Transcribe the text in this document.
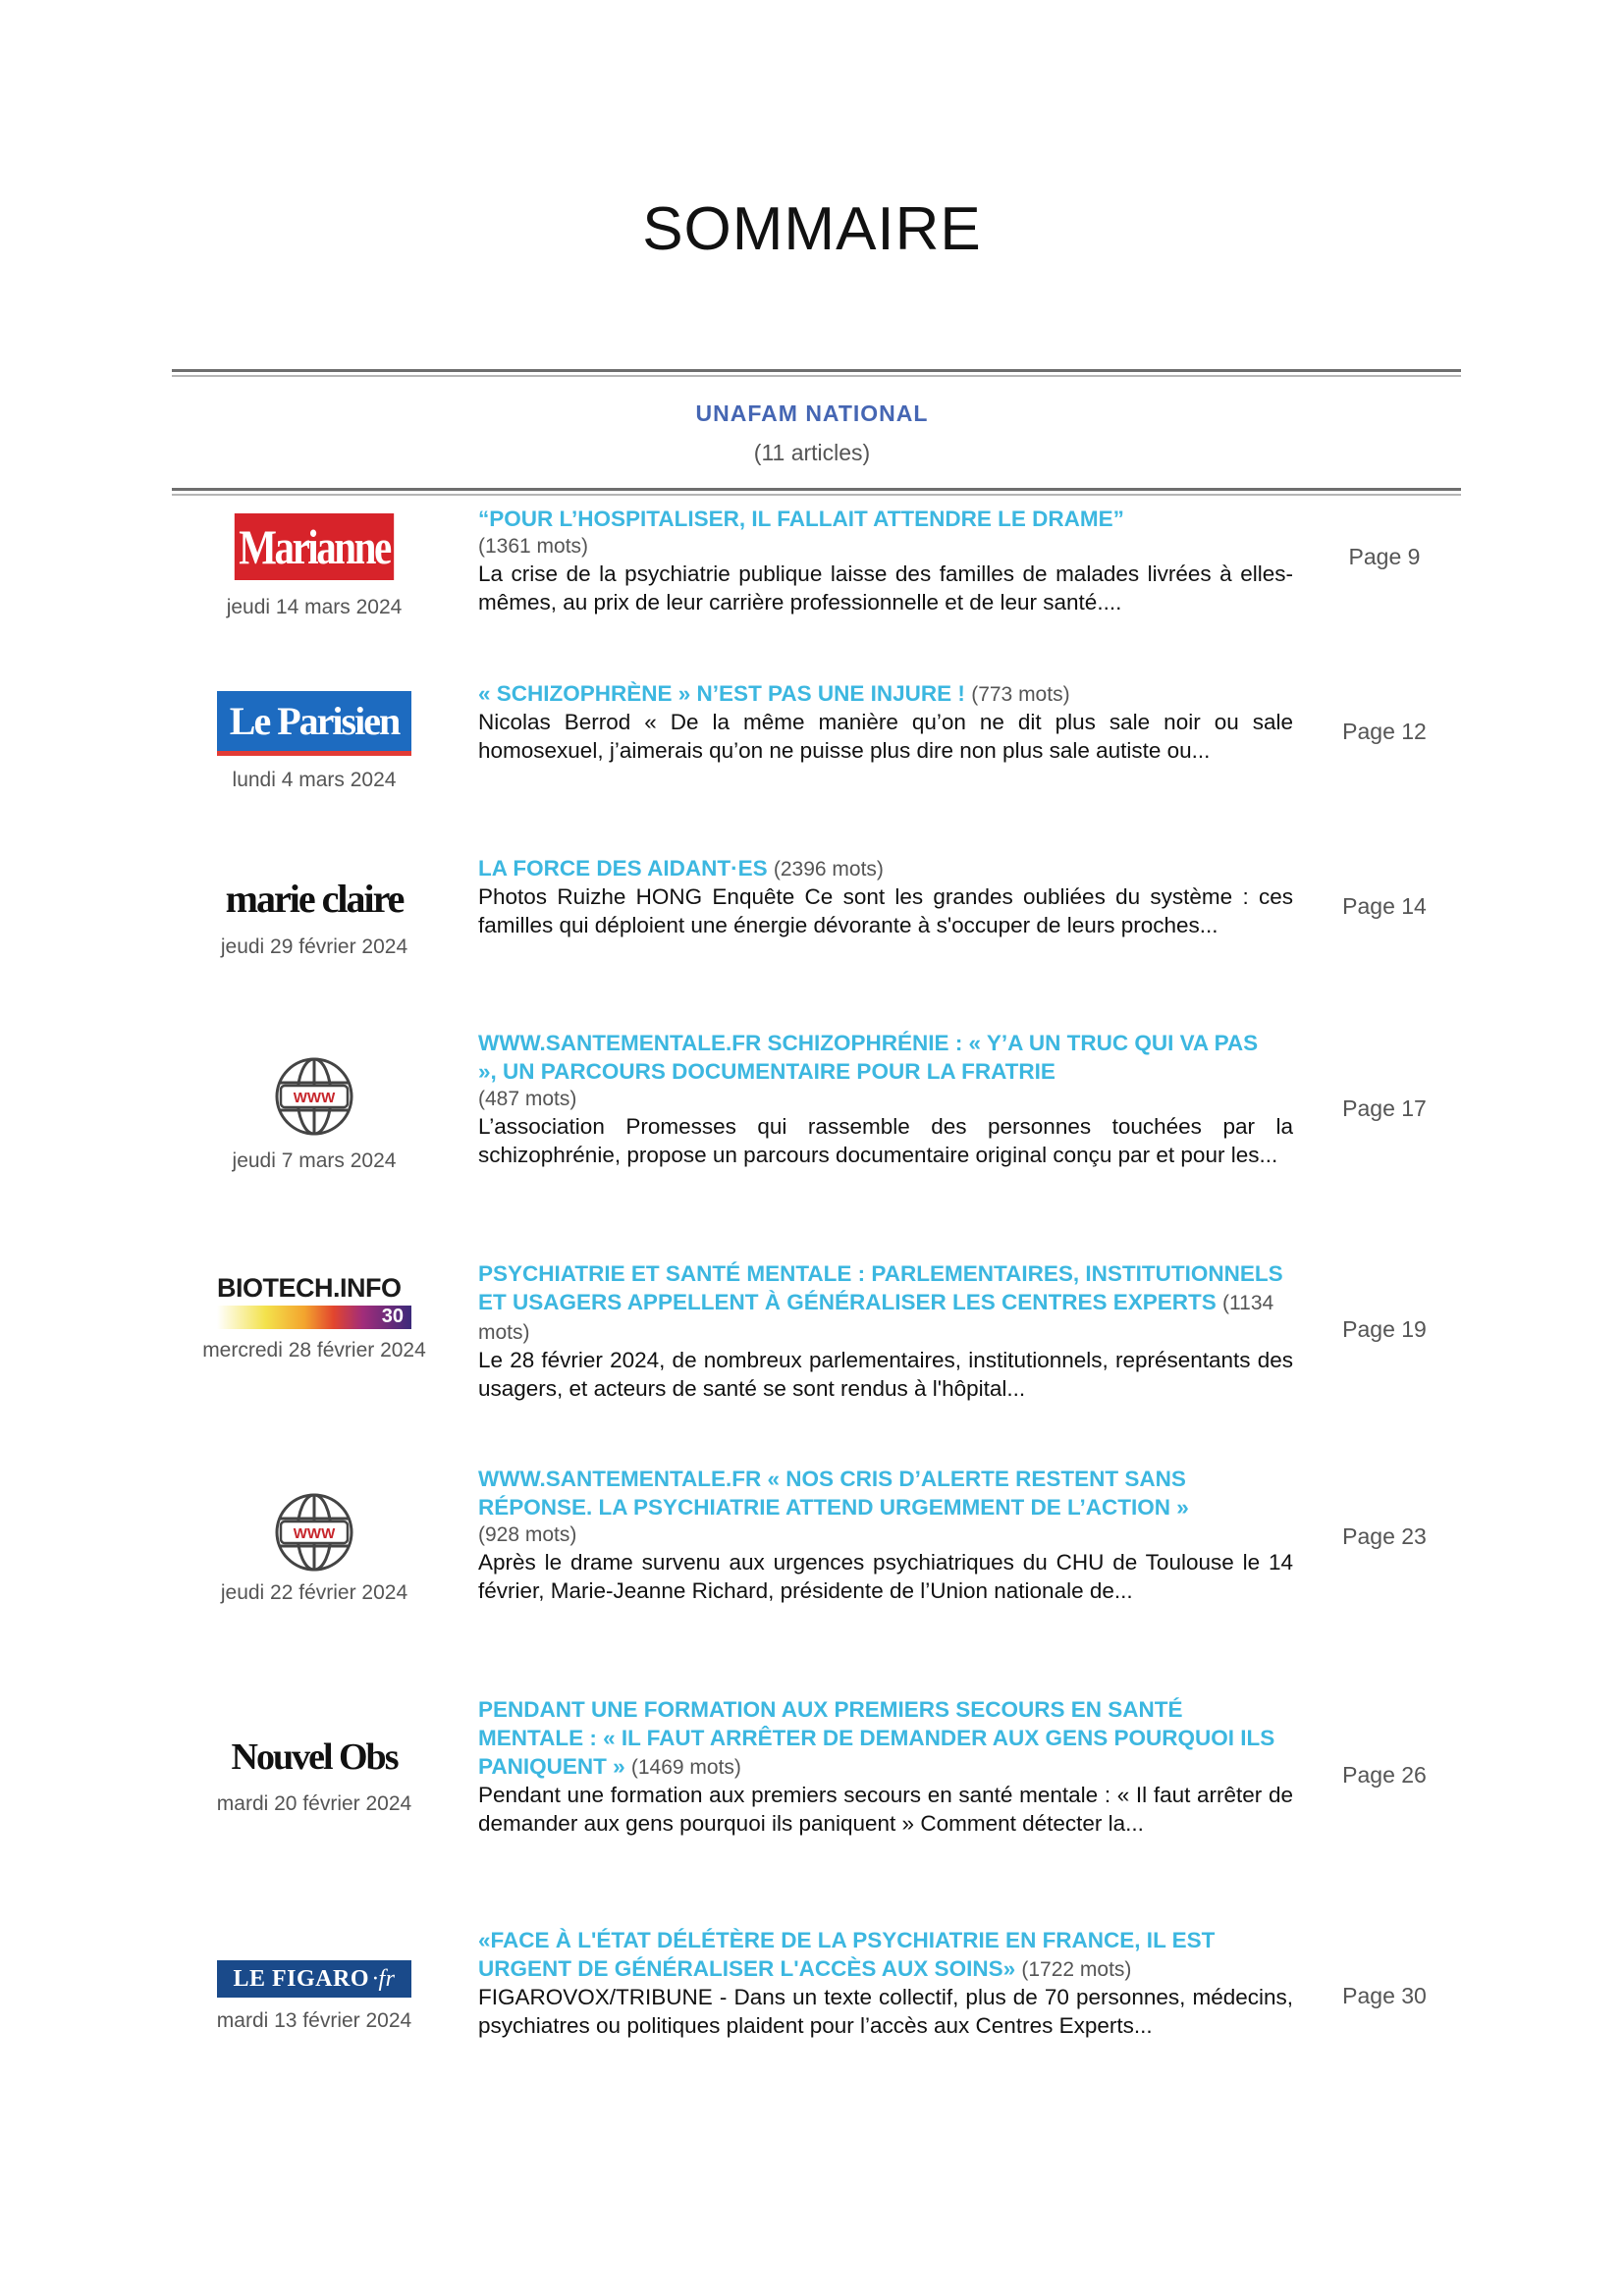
SOMMAIRE
UNAFAM NATIONAL
(11 articles)
Marianne
jeudi 14 mars 2024
“POUR L’HOSPITALISER, IL FALLAIT ATTENDRE LE DRAME”
(1361 mots)
La crise de la psychiatrie publique laisse des familles de malades livrées à elles-mêmes, au prix de leur carrière professionnelle et de leur santé....
Page 9
Le Parisien
lundi 4 mars 2024
« SCHIZOPHRÈNE » N’EST PAS UNE INJURE ! (773 mots)
Nicolas Berrod « De la même manière qu’on ne dit plus sale noir ou sale homosexuel, j’aimerais qu’on ne puisse plus dire non plus sale autiste ou...
Page 12
marie claire
jeudi 29 février 2024
LA FORCE DES AIDANT·ES (2396 mots)
Photos Ruizhe HONG Enquête Ce sont les grandes oubliées du système : ces familles qui déploient une énergie dévorante à s'occuper de leurs proches...
Page 14
WWW
jeudi 7 mars 2024
WWW.SANTEMENTALE.FR SCHIZOPHRÉNIE : « Y’A UN TRUC QUI VA PAS », UN PARCOURS DOCUMENTAIRE POUR LA FRATRIE
(487 mots)
L’association Promesses qui rassemble des personnes touchées par la schizophrénie, propose un parcours documentaire original conçu par et pour les...
Page 17
BIOTECH.INFO
30
mercredi 28 février 2024
PSYCHIATRIE ET SANTÉ MENTALE : PARLEMENTAIRES, INSTITUTIONNELS ET USAGERS APPELLENT À GÉNÉRALISER LES CENTRES EXPERTS (1134 mots)
Le 28 février 2024, de nombreux parlementaires, institutionnels, représentants des usagers, et acteurs de santé se sont rendus à l'hôpital...
Page 19
WWW
jeudi 22 février 2024
WWW.SANTEMENTALE.FR « NOS CRIS D’ALERTE RESTENT SANS RÉPONSE. LA PSYCHIATRIE ATTEND URGEMMENT DE L’ACTION »
(928 mots)
Après le drame survenu aux urgences psychiatriques du CHU de Toulouse le 14 février, Marie-Jeanne Richard, présidente de l’Union nationale de...
Page 23
Nouvel Obs
mardi 20 février 2024
PENDANT UNE FORMATION AUX PREMIERS SECOURS EN SANTÉ MENTALE : « IL FAUT ARRÊTER DE DEMANDER AUX GENS POURQUOI ILS PANIQUENT » (1469 mots)
Pendant une formation aux premiers secours en santé mentale : « Il faut arrêter de demander aux gens pourquoi ils paniquent » Comment détecter la...
Page 26
LE FIGARO ·fr
mardi 13 février 2024
«FACE À L'ÉTAT DÉLÉTÈRE DE LA PSYCHIATRIE EN FRANCE, IL EST URGENT DE GÉNÉRALISER L'ACCÈS AUX SOINS» (1722 mots)
FIGAROVOX/TRIBUNE - Dans un texte collectif, plus de 70 personnes, médecins, psychiatres ou politiques plaident pour l’accès aux Centres Experts...
Page 30
